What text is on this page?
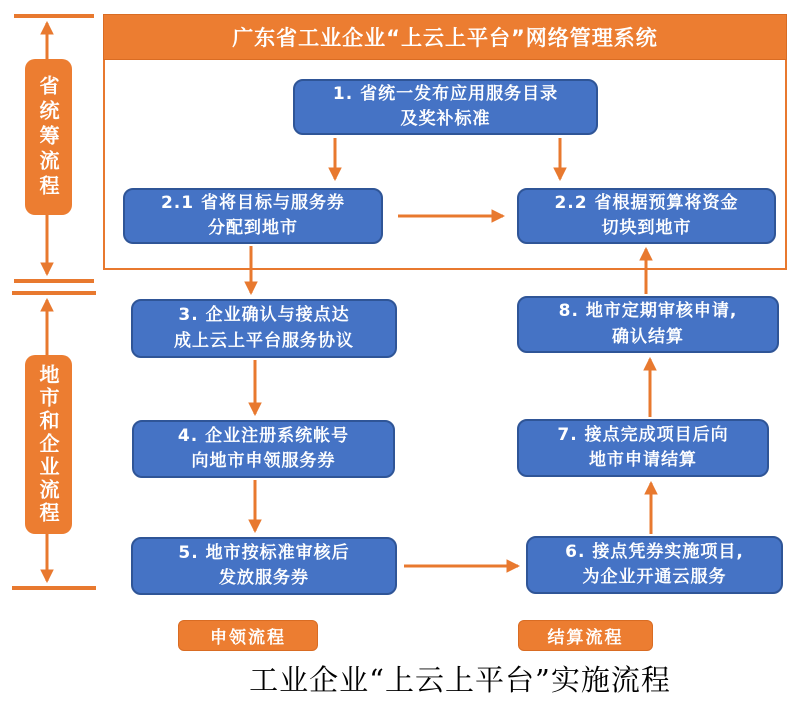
广东省工业企业“上云上平台”网络管理系统
省统筹流程
地市和企业流程
1. 省统一发布应用服务目录
及奖补标准
2.1 省将目标与服务券
分配到地市
2.2 省根据预算将资金
切块到地市
3. 企业确认与接点达
成上云上平台服务协议
8. 地市定期审核申请,
确认结算
4. 企业注册系统帐号
向地市申领服务券
7. 接点完成项目后向
地市申请结算
5. 地市按标准审核后
发放服务券
6. 接点凭券实施项目,
为企业开通云服务
申领流程	结算流程
工业企业“上云上平台”实施流程
